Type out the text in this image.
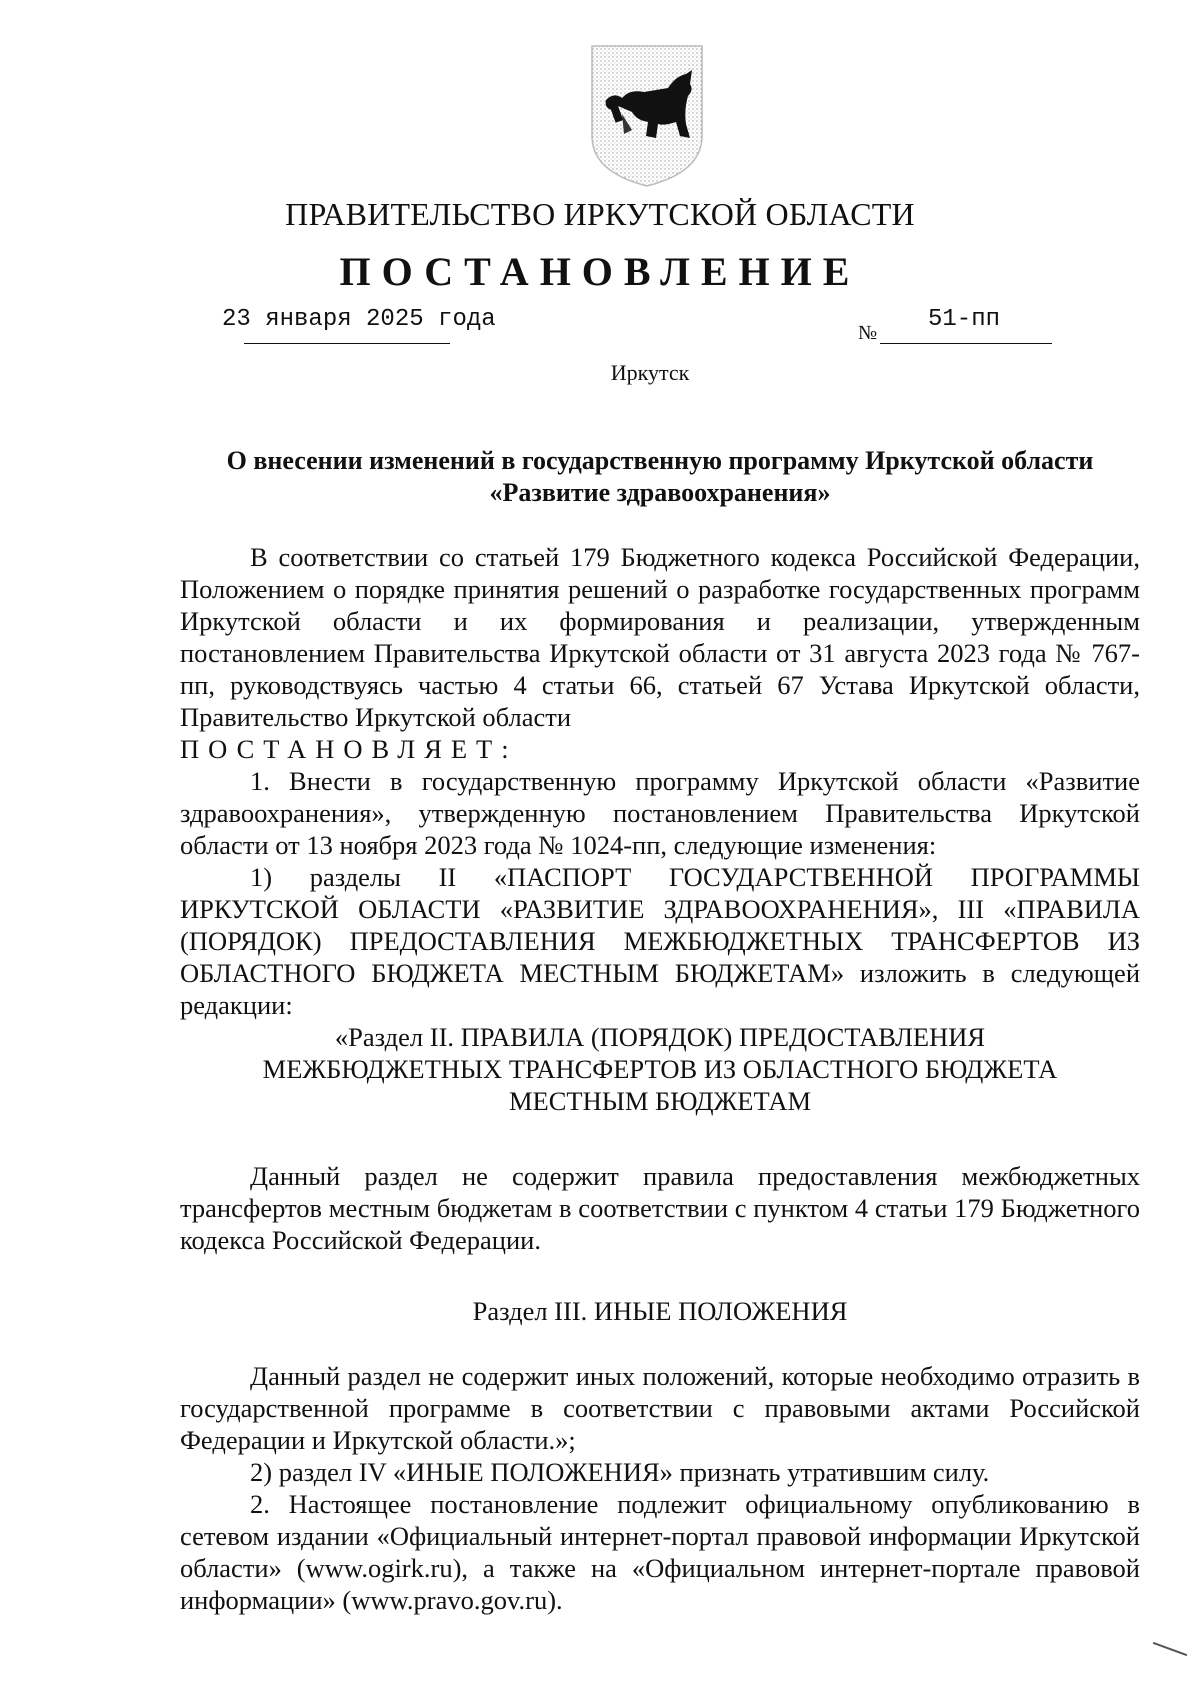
ПРАВИТЕЛЬСТВО ИРКУТСКОЙ ОБЛАСТИ
ПОСТАНОВЛЕНИЕ
23 января 2025 года	№ 51-пп
Иркутск
О внесении изменений в государственную программу Иркутской области
«Развитие здравоохранения»

В соответствии со статьей 179 Бюджетного кодекса Российской Федерации, Положением о порядке принятия решений о разработке государственных программ Иркутской области и их формирования и реализации, утвержденным постановлением Правительства Иркутской области от 31 августа 2023 года № 767-пп, руководствуясь частью 4 статьи 66, статьей 67 Устава Иркутской области, Правительство Иркутской области

ПОСТАНОВЛЯЕТ:

1. Внести в государственную программу Иркутской области «Развитие здравоохранения», утвержденную постановлением Правительства Иркутской области от 13 ноября 2023 года № 1024-пп, следующие изменения:

1) разделы II «ПАСПОРТ ГОСУДАРСТВЕННОЙ ПРОГРАММЫ ИРКУТСКОЙ ОБЛАСТИ «РАЗВИТИЕ ЗДРАВООХРАНЕНИЯ», III «ПРАВИЛА (ПОРЯДОК) ПРЕДОСТАВЛЕНИЯ МЕЖБЮДЖЕТНЫХ ТРАНСФЕРТОВ ИЗ ОБЛАСТНОГО БЮДЖЕТА МЕСТНЫМ БЮДЖЕТАМ» изложить в следующей редакции:

«Раздел II. ПРАВИЛА (ПОРЯДОК) ПРЕДОСТАВЛЕНИЯ МЕЖБЮДЖЕТНЫХ ТРАНСФЕРТОВ ИЗ ОБЛАСТНОГО БЮДЖЕТА МЕСТНЫМ БЮДЖЕТАМ

Данный раздел не содержит правила предоставления межбюджетных трансфертов местным бюджетам в соответствии с пунктом 4 статьи 179 Бюджетного кодекса Российской Федерации.

Раздел III. ИНЫЕ ПОЛОЖЕНИЯ

Данный раздел не содержит иных положений, которые необходимо отразить в государственной программе в соответствии с правовыми актами Российской Федерации и Иркутской области.»;

2) раздел IV «ИНЫЕ ПОЛОЖЕНИЯ» признать утратившим силу.

2. Настоящее постановление подлежит официальному опубликованию в сетевом издании «Официальный интернет-портал правовой информации Иркутской области» (www.ogirk.ru), а также на «Официальном интернет-портале правовой информации» (www.pravo.gov.ru).
